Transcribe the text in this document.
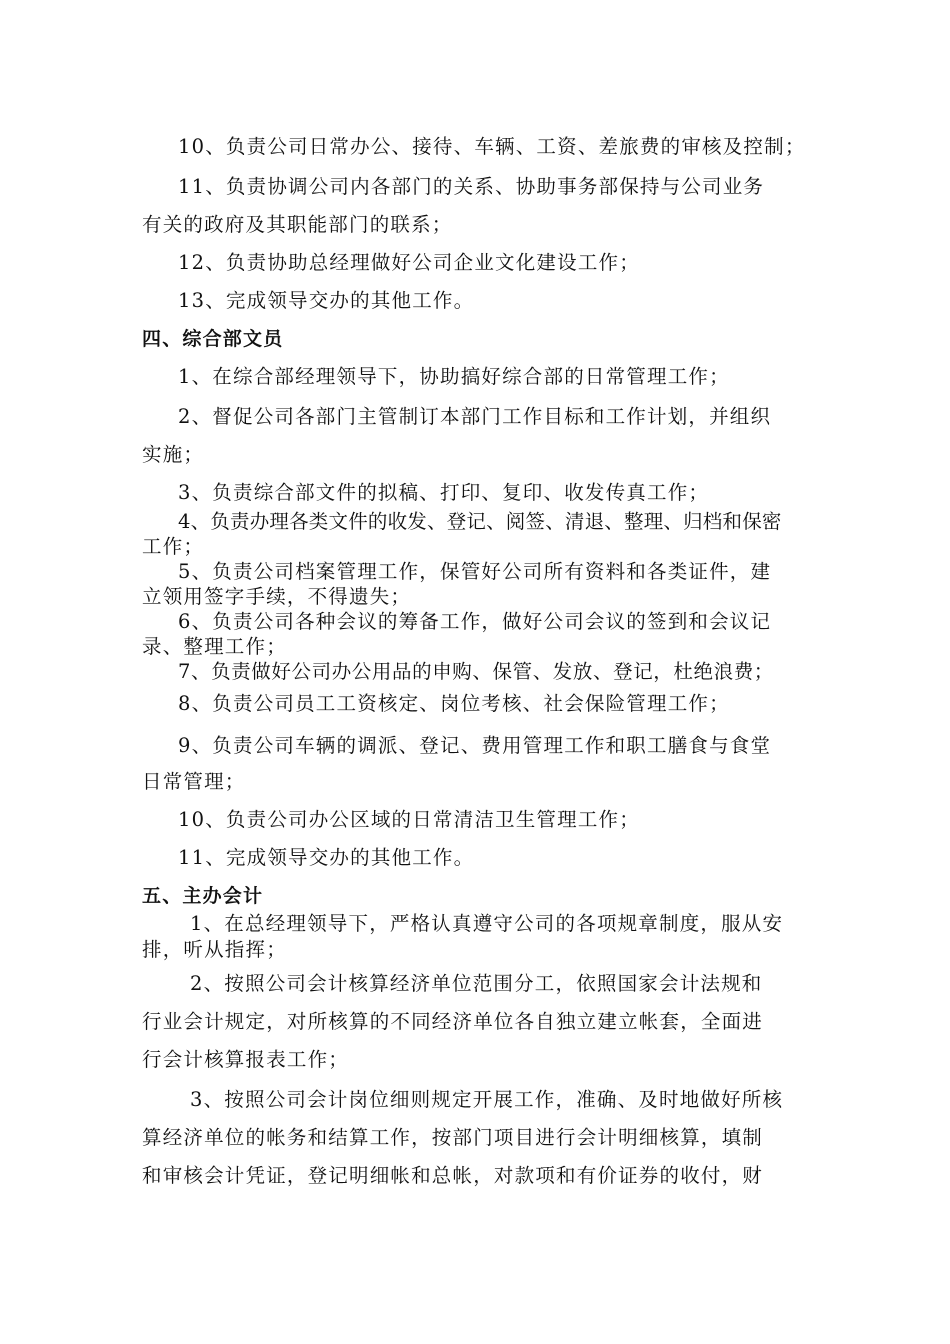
10、负责公司日常办公、接待、车辆、工资、差旅费的审核及控制；
11、负责协调公司内各部门的关系、协助事务部保持与公司业务
有关的政府及其职能部门的联系；
12、负责协助总经理做好公司企业文化建设工作；
13、完成领导交办的其他工作。
四、综合部文员
1、在综合部经理领导下，协助搞好综合部的日常管理工作；
2、督促公司各部门主管制订本部门工作目标和工作计划，并组织
实施；
3、负责综合部文件的拟稿、打印、复印、收发传真工作；
4、负责办理各类文件的收发、登记、阅签、清退、整理、归档和保密
工作；
5、负责公司档案管理工作，保管好公司所有资料和各类证件，建
立领用签字手续，不得遗失；
6、负责公司各种会议的筹备工作，做好公司会议的签到和会议记
录、整理工作；
7、负责做好公司办公用品的申购、保管、发放、登记，杜绝浪费；
8、负责公司员工工资核定、岗位考核、社会保险管理工作；
9、负责公司车辆的调派、登记、费用管理工作和职工膳食与食堂
日常管理；
10、负责公司办公区域的日常清洁卫生管理工作；
11、完成领导交办的其他工作。
五、主办会计
1、在总经理领导下，严格认真遵守公司的各项规章制度，服从安
排，听从指挥；
2、按照公司会计核算经济单位范围分工，依照国家会计法规和
行业会计规定，对所核算的不同经济单位各自独立建立帐套，全面进
行会计核算报表工作；
3、按照公司会计岗位细则规定开展工作，准确、及时地做好所核
算经济单位的帐务和结算工作，按部门项目进行会计明细核算，填制
和审核会计凭证，登记明细帐和总帐，对款项和有价证券的收付，财
